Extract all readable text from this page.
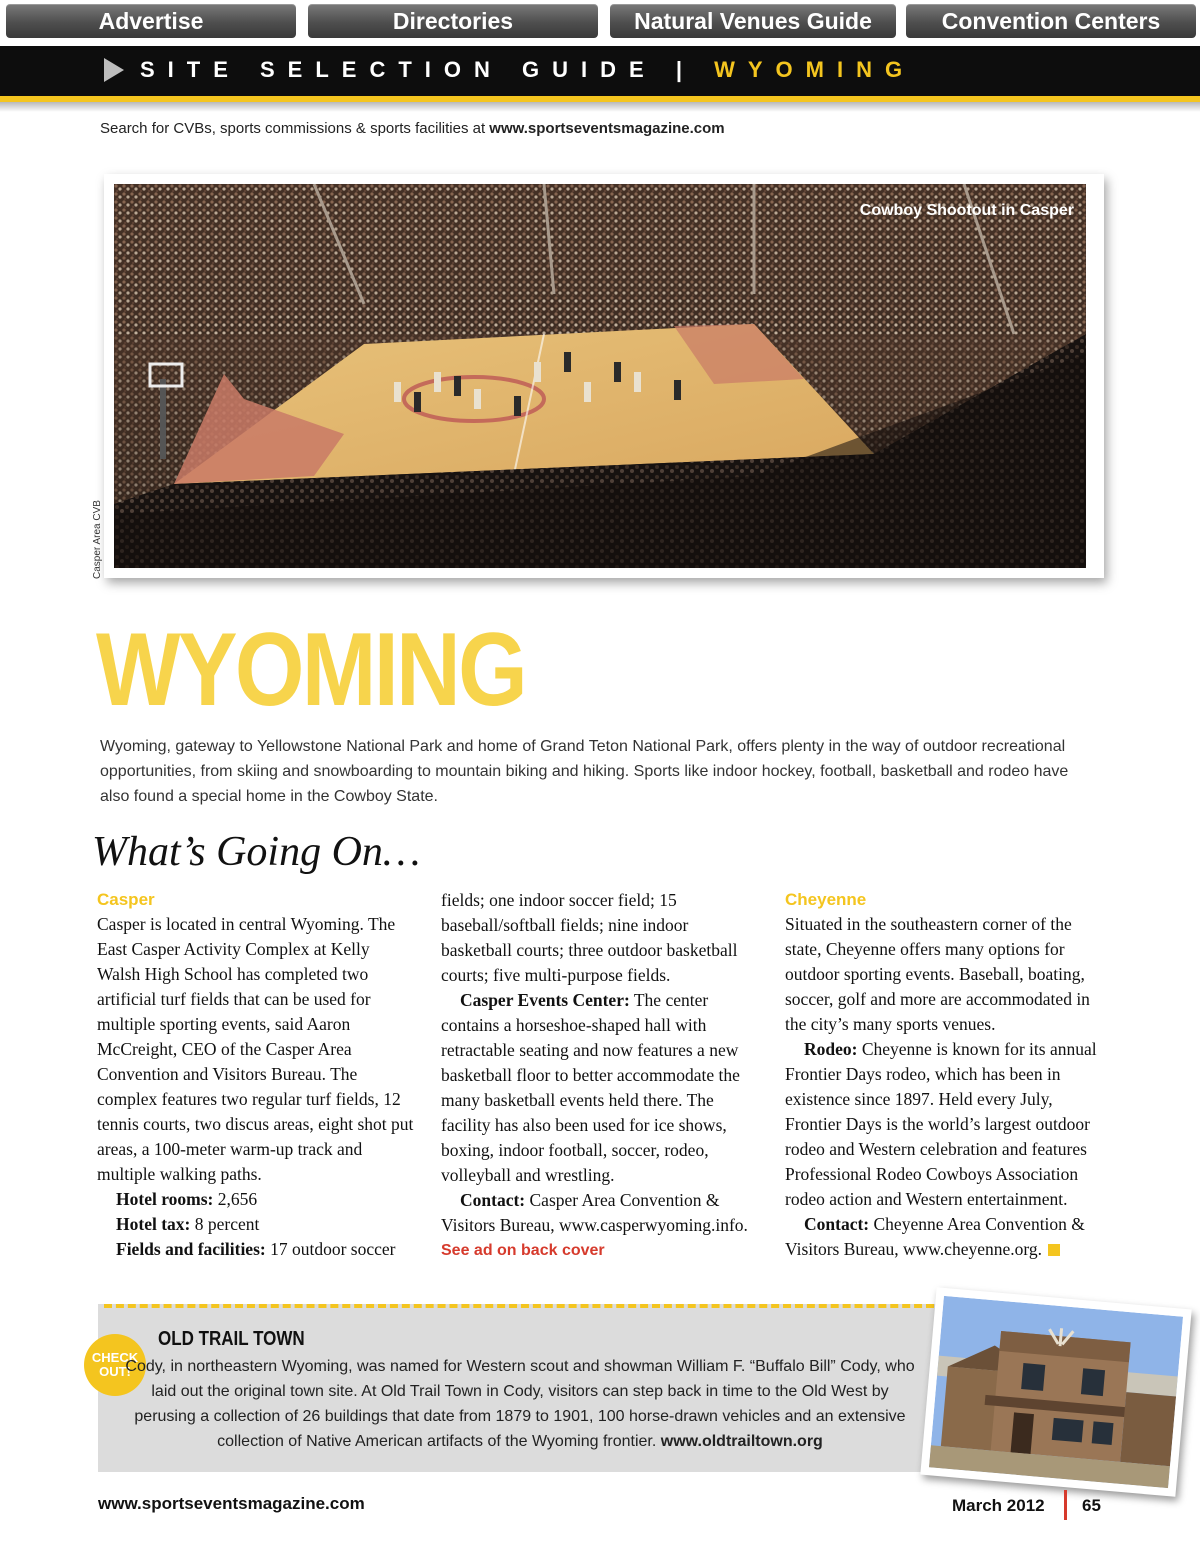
Advertise	Directories	Natural Venues Guide	Convention Centers
SITE SELECTION GUIDE | WYOMING
Search for CVBs, sports commissions & sports facilities at www.sportseventsmagazine.com
Cowboy Shootout in Casper
Casper Area CVB
WYOMING
Wyoming, gateway to Yellowstone National Park and home of Grand Teton National Park, offers plenty in the way of outdoor recreational opportunities, from skiing and snowboarding to mountain biking and hiking. Sports like indoor hockey, football, basketball and rodeo have also found a special home in the Cowboy State.
What’s Going On…

Casper

Casper is located in central Wyoming. The East Casper Activity Complex at Kelly Walsh High School has completed two artificial turf fields that can be used for multiple sporting events, said Aaron McCreight, CEO of the Casper Area Convention and Visitors Bureau. The complex features two regular turf fields, 12 tennis courts, two discus areas, eight shot put areas, a 100-meter warm-up track and multiple walking paths.

Hotel rooms: 2,656

Hotel tax: 8 percent

Fields and facilities: 17 outdoor soccer

fields; one indoor soccer field; 15 baseball/softball fields; nine indoor basketball courts; three outdoor basketball courts; five multi-purpose fields.

Casper Events Center: The center contains a horseshoe-shaped hall with retractable seating and now features a new basketball floor to better accommodate the many basketball events held there. The facility has also been used for ice shows, boxing, indoor football, soccer, rodeo, volleyball and wrestling.

Contact: Casper Area Convention & Visitors Bureau, www.casperwyoming.info.

See ad on back cover

Cheyenne

Situated in the southeastern corner of the state, Cheyenne offers many options for outdoor sporting events. Baseball, boating, soccer, golf and more are accommodated in the city’s many sports venues.

Rodeo: Cheyenne is known for its annual Frontier Days rodeo, which has been in existence since 1897. Held every July, Frontier Days is the world’s largest outdoor rodeo and Western celebration and features Professional Rodeo Cowboys Association rodeo action and Western entertainment.

Contact: Cheyenne Area Convention & Visitors Bureau, www.cheyenne.org.

CHECK
OUT!
OLD TRAIL TOWN
Cody, in northeastern Wyoming, was named for Western scout and showman William F. “Buffalo Bill” Cody, who laid out the original town site. At Old Trail Town in Cody, visitors can step back in time to the Old West by perusing a collection of 26 buildings that date from 1879 to 1901, 100 horse-drawn vehicles and an extensive collection of Native American artifacts of the Wyoming frontier. www.oldtrailtown.org
www.sportseventsmagazine.com	March 2012 65
